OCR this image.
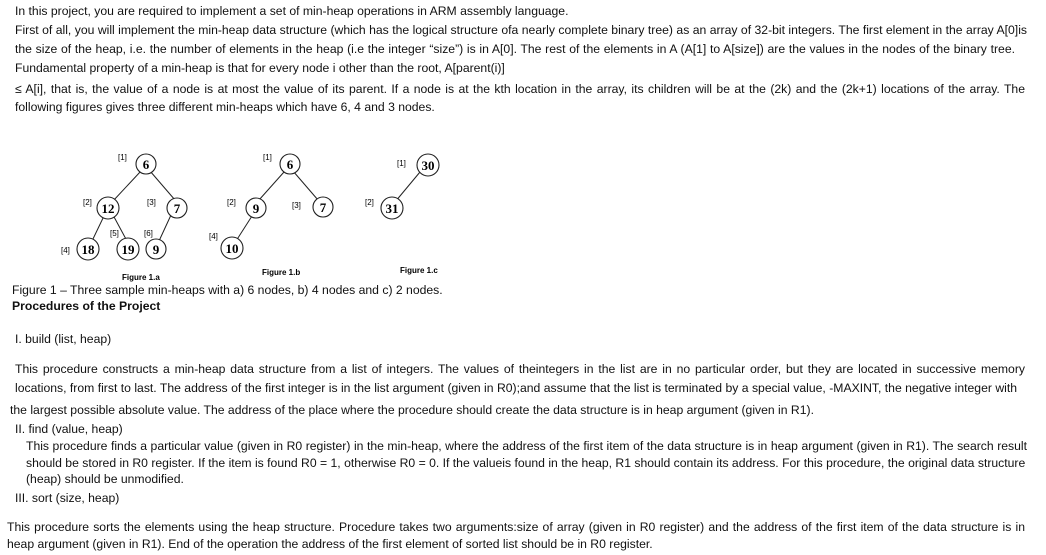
In this project, you are required to implement a set of min-heap operations in ARM assembly language.
First of all, you will implement the min-heap data structure (which has the logical structure ofa nearly complete binary tree) as an array of 32-bit integers. The first element in the array A[0]is
the size of the heap, i.e. the number of elements in the heap (i.e the integer “size”) is in A[0]. The rest of the elements in A (A[1] to A[size]) are the values in the nodes of the binary tree.
Fundamental property of a min-heap is that for every node i other than the root, A[parent(i)]
≤ A[i], that is, the value of a node is at most the value of its parent. If a node is at the kth location in the array, its children will be at the (2k) and the (2k+1) locations of the array. The
following figures gives three different min-heaps which have 6, 4 and 3 nodes.
[1] 6
[2] 12	[3] 7
[4] 18
[5]
19
[6]
9
Figure 1.a
[1] 6
[2] 9	[3] 7
[4]
10
Figure 1.b
[1] 30
[2] 31
Figure 1.c
Figure 1 – Three sample min-heaps with a) 6 nodes, b) 4 nodes and c) 2 nodes.
Procedures of the Project
I. build (list, heap)
This procedure constructs a min-heap data structure from a list of integers. The values of theintegers in the list are in no particular order, but they are located in successive memory
locations, from first to last. The address of the first integer is in the list argument (given in R0);and assume that the list is terminated by a special value, -MAXINT, the negative integer with
the largest possible absolute value. The address of the place where the procedure should create the data structure is in heap argument (given in R1).
II. find (value, heap)
This procedure finds a particular value (given in R0 register) in the min-heap, where the address of the first item of the data structure is in heap argument (given in R1). The search result
should be stored in R0 register. If the item is found R0 = 1, otherwise R0 = 0. If the valueis found in the heap, R1 should contain its address. For this procedure, the original data structure
(heap) should be unmodified.
III. sort (size, heap)
This procedure sorts the elements using the heap structure. Procedure takes two arguments:size of array (given in R0 register) and the address of the first item of the data structure is in
heap argument (given in R1). End of the operation the address of the first element of sorted list should be in R0 register.
